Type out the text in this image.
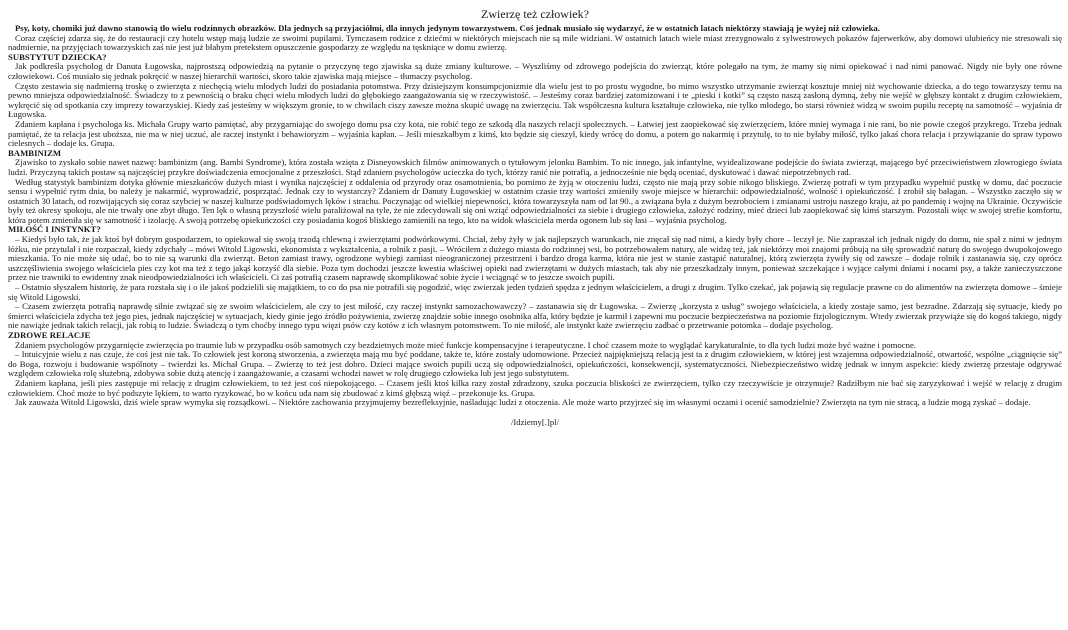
Zwierzę też człowiek?

Psy, koty, chomiki już dawno stanowią tło wielu rodzinnych obrazków. Dla jednych są przyjaciółmi, dla innych jedynym towarzystwem. Coś jednak musiało się wydarzyć, że w ostatnich latach niektórzy stawiają je wyżej niż człowieka.

Coraz częściej zdarza się, że do restauracji czy hotelu wstęp mają ludzie ze swoimi pupilami. Tymczasem rodzice z dziećmi w niektórych miejscach nie są mile widziani. W ostatnich latach wiele miast zrezygnowało z sylwestrowych pokazów fajerwerków, aby domowi ulubieńcy nie stresowali się nadmiernie, na przyjęciach towarzyskich zaś nie jest już błahym pretekstem opuszczenie gospodarzy ze względu na tęskniące w domu zwierzę.

SUBSTYTUT DZIECKA?

Jak podkreśla psycholog dr Danuta Ługowska, najprostszą odpowiedzią na pytanie o przyczynę tego zjawiska są duże zmiany kulturowe. – Wyszliśmy od zdrowego podejścia do zwierząt, które polegało na tym, że mamy się nimi opiekować i nad nimi panować. Nigdy nie były one równe człowiekowi. Coś musiało się jednak pokręcić w naszej hierarchii wartości, skoro takie zjawiska mają miejsce – tłumaczy psycholog.

Często zestawia się nadmierną troskę o zwierzęta z niechęcią wielu młodych ludzi do posiadania potomstwa. Przy dzisiejszym konsumpcjonizmie dla wielu jest to po prostu wygodne, bo mimo wszystko utrzymanie zwierząt kosztuje mniej niż wychowanie dziecka, a do tego towarzyszy temu na pewno mniejsza odpowiedzialność. Świadczy to z pewnością o braku chęci wielu młodych ludzi do głębokiego zaangażowania się w rzeczywistość. – Jesteśmy coraz bardziej zatomizowani i te „pieski i kotki” są często naszą zasłoną dymną, żeby nie wejść w głębszy kontakt z drugim człowiekiem, wykręcić się od spotkania czy imprezy towarzyskiej. Kiedy zaś jesteśmy w większym gronie, to w chwilach ciszy zawsze można skupić uwagę na zwierzęciu. Tak współczesna kultura kształtuje człowieka, nie tylko młodego, bo starsi również widzą w swoim pupilu receptę na samotność – wyjaśnia dr Ługowska.

Zdaniem kapłana i psychologa ks. Michała Grupy warto pamiętać, aby przygarniając do swojego domu psa czy kota, nie robić tego ze szkodą dla naszych relacji społecznych. – Łatwiej jest zaopiekować się zwierzęciem, które mniej wymaga i nie rani, bo nie powie czegoś przykrego. Trzeba jednak pamiętać, że ta relacja jest uboższa, nie ma w niej uczuć, ale raczej instynkt i behawioryzm – wyjaśnia kapłan. – Jeśli mieszkałbym z kimś, kto będzie się cieszył, kiedy wrócę do domu, a potem go nakarmię i przytulę, to to nie byłaby miłość, tylko jakaś chora relacja i przywiązanie do spraw typowo cielesnych – dodaje ks. Grupa.

BAMBINIZM

Zjawisko to zyskało sobie nawet nazwę: bambinizm (ang. Bambi Syndrome), która została wzięta z Disneyowskich filmów animowanych o tytułowym jelonku Bambim. To nic innego, jak infantylne, wyidealizowane podejście do świata zwierząt, mającego być przeciwieństwem złowrogiego świata ludzi. Przyczyną takich postaw są najczęściej przykre doświadczenia emocjonalne z przeszłości. Stąd zdaniem psychologów ucieczka do tych, którzy ranić nie potrafią, a jednocześnie nie będą oceniać, dyskutować i dawać niepotrzebnych rad.

Według statystyk bambinizm dotyka głównie mieszkańców dużych miast i wynika najczęściej z oddalenia od przyrody oraz osamotnienia, bo pomimo że żyją w otoczeniu ludzi, często nie mają przy sobie nikogo bliskiego. Zwierzę potrafi w tym przypadku wypełnić pustkę w domu, dać poczucie sensu i wypełnić rytm dnia, bo należy je nakarmić, wyprowadzić, posprzątać. Jednak czy to wystarczy? Zdaniem dr Danuty Ługowskiej w ostatnim czasie trzy wartości zmieniły swoje miejsce w hierarchii: odpowiedzialność, wolność i opiekuńczość. I zrobił się bałagan. – Wszystko zaczęło się w ostatnich 30 latach, od rozwijających się coraz szybciej w naszej kulturze podświadomych lęków i strachu. Poczynając od wielkiej niepewności, która towarzyszyła nam od lat 90., a związana była z dużym bezrobociem i zmianami ustroju naszego kraju, aż po pandemię i wojnę na Ukrainie. Oczywiście były też okresy spokoju, ale nie trwały one zbyt długo. Ten lęk o własną przyszłość wielu paraliżował na tyle, że nie zdecydowali się oni wziąć odpowiedzialności za siebie i drugiego człowieka, założyć rodziny, mieć dzieci lub zaopiekować się kimś starszym. Pozostali więc w swojej strefie komfortu, która potem zmieniła się w samotność i izolację. A swoją potrzebę opiekuńczości czy posiadania kogoś bliskiego zamienili na tego, kto na widok właściciela merda ogonem lub się łasi – wyjaśnia psycholog.

MIŁOŚĆ I INSTYNKT?

– Kiedyś było tak, że jak ktoś był dobrym gospodarzem, to opiekował się swoją trzodą chlewną i zwierzętami podwórkowymi. Chciał, żeby żyły w jak najlepszych warunkach, nie znęcał się nad nimi, a kiedy były chore – leczył je. Nie zapraszał ich jednak nigdy do domu, nie spał z nimi w jednym łóżku, nie przytulał i nie rozpaczał, kiedy zdychały – mówi Witold Ligowski, ekonomista z wykształcenia, a rolnik z pasji. – Wróciłem z dużego miasta do rodzinnej wsi, bo potrzebowałem natury, ale widzę też, jak niektórzy moi znajomi próbują na siłę sprowadzić naturę do swojego dwupokojowego mieszkania. To nie może się udać, bo to nie są warunki dla zwierząt. Beton zamiast trawy, ogrodzone wybiegi zamiast nieograniczonej przestrzeni i bardzo droga karma, która nie jest w stanie zastąpić naturalnej, którą zwierzęta żywiły się od zawsze – dodaje rolnik i zastanawia się, czy oprócz uszczęśliwienia swojego właściciela pies czy kot ma też z tego jakąś korzyść dla siebie. Poza tym dochodzi jeszcze kwestia właściwej opieki nad zwierzętami w dużych miastach, tak aby nie przeszkadzały innym, ponieważ szczekające i wyjące całymi dniami i nocami psy, a także zanieczyszczone przez nie trawniki to ewidentny znak nieodpowiedzialności ich właścicieli. Ci zaś potrafią czasem naprawdę skomplikować sobie życie i wciągnąć w to jeszcze swoich pupili.

– Ostatnio słyszałem historię, że para rozstała się i o ile jakoś podzielili się majątkiem, to co do psa nie potrafili się pogodzić, więc zwierzak jeden tydzień spędza z jednym właścicielem, a drugi z drugim. Tylko czekać, jak pojawią się regulacje prawne co do alimentów na zwierzęta domowe – śmieje się Witold Ligowski.

– Czasem zwierzęta potrafią naprawdę silnie związać się ze swoim właścicielem, ale czy to jest miłość, czy raczej instynkt samozachowawczy? – zastanawia się dr Ługowska. – Zwierzę „korzysta z usług” swojego właściciela, a kiedy zostaje samo, jest bezradne. Zdarzają się sytuacje, kiedy po śmierci właściciela zdycha też jego pies, jednak najczęściej w sytuacjach, kiedy ginie jego źródło pożywienia, zwierzę znajdzie sobie innego osobnika alfa, który będzie je karmił i zapewni mu poczucie bezpieczeństwa na poziomie fizjologicznym. Wtedy zwierzak przywiąże się do kogoś takiego, nigdy nie nawiąże jednak takich relacji, jak robią to ludzie. Świadczą o tym choćby innego typu więzi psów czy kotów z ich własnym potomstwem. To nie miłość, ale instynkt każe zwierzęciu zadbać o przetrwanie potomka – dodaje psycholog.

ZDROWE RELACJE

Zdaniem psychologów przygarnięcie zwierzęcia po traumie lub w przypadku osób samotnych czy bezdzietnych może mieć funkcje kompensacyjne i terapeutyczne. I choć czasem może to wyglądać karykaturalnie, to dla tych ludzi może być ważne i pomocne.

– Intuicyjnie wielu z nas czuje, że coś jest nie tak. To człowiek jest koroną stworzenia, a zwierzęta mają mu być poddane, także te, które zostały udomowione. Przecież najpiękniejszą relacją jest ta z drugim człowiekiem, w której jest wzajemna odpowiedzialność, otwartość, wspólne „ciągnięcie się” do Boga, rozwoju i budowanie wspólnoty – twierdzi ks. Michał Grupa. – Zwierzę to też jest dobro. Dzieci mające swoich pupili uczą się odpowiedzialności, opiekuńczości, konsekwencji, systematyczności. Niebezpieczeństwo widzę jednak w innym aspekcie: kiedy zwierzę przestaje odgrywać względem człowieka rolę służebną, zdobywa sobie dużą atencję i zaangażowanie, a czasami wchodzi nawet w rolę drugiego człowieka lub jest jego substytutem.

Zdaniem kapłana, jeśli pies zastępuje mi relację z drugim człowiekiem, to też jest coś niepokojącego. – Czasem jeśli ktoś kilka razy został zdradzony, szuka poczucia bliskości ze zwierzęciem, tylko czy rzeczywiście je otrzymuje? Radziłbym nie bać się zaryzykować i wejść w relację z drugim człowiekiem. Choć może to być podszyte lękiem, to warto ryzykować, bo w końcu uda nam się zbudować z kimś głębszą więź – przekonuje ks. Grupa.

Jak zauważa Witold Ligowski, dziś wiele spraw wymyka się rozsądkowi. – Niektóre zachowania przyjmujemy bezrefleksyjnie, naśladując ludzi z otoczenia. Ale może warto przyjrzeć się im własnymi oczami i ocenić samodzielnie? Zwierzęta na tym nie stracą, a ludzie mogą zyskać – dodaje.

/Idziemy[.]pl/
